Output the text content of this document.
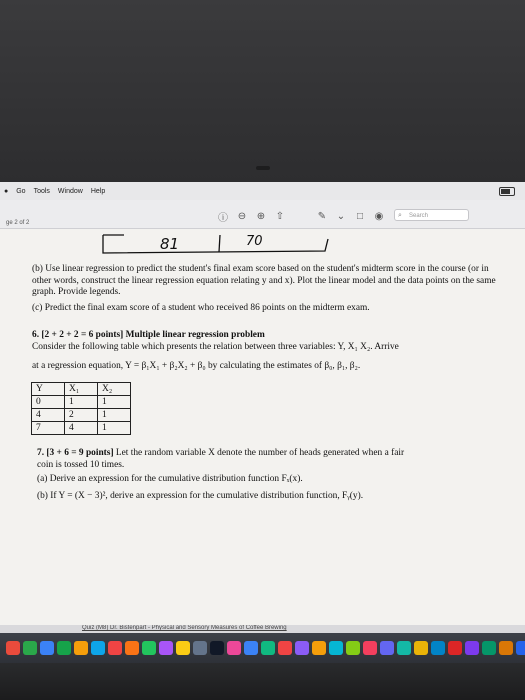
● Go Tools Window Help
ge 2 of 2	ⓘ ⊖ ⊕ ⇧	✎ ⌄ □ ◉ ⌕ Search
81	70
(b) Use linear regression to predict the student's final exam score based on the student's midterm score in the course (or in other words, construct the linear regression equation relating y and x). Plot the linear model and the data points on the same graph. Provide legends.
(c) Predict the final exam score of a student who received 86 points on the midterm exam.
6. [2 + 2 + 2 = 6 points] Multiple linear regression problem
Consider the following table which presents the relation between three variables: Y, X₁ X₂. Arrive
at a regression equation, Y = β₁X₁ + β₂X₂ + β₀ by calculating the estimates of β₀, β₁, β₂.
Y	X₁	X₂
0	1	1
4	2	1
7	4	1
7. [3 + 6 = 9 points] Let the random variable X denote the number of heads generated when a fair
coin is tossed 10 times.
(a) Derive an expression for the cumulative distribution function Fₓ(x).
(b) If Y = (X − 3)², derive an expression for the cumulative distribution function, Fᵧ(y).
Quiz (M8) Dr. Bistenpart - Physical and Sensory Measures of Coffee Brewing
